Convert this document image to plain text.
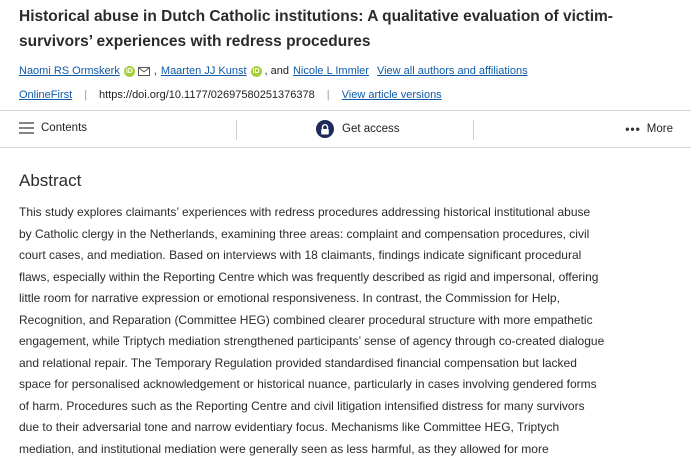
Historical abuse in Dutch Catholic institutions: A qualitative evaluation of victim-survivors’ experiences with redress procedures
Naomi RS Ormskerk iD , Maarten JJ Kunst iD , and Nicole L Immler View all authors and affiliations
OnlineFirst | https://doi.org/10.1177/02697580251376378 | View article versions
Contents	Get access	••• More
Abstract
This study explores claimants’ experiences with redress procedures addressing historical institutional abuse
by Catholic clergy in the Netherlands, examining three areas: complaint and compensation procedures, civil
court cases, and mediation. Based on interviews with 18 claimants, findings indicate significant procedural
flaws, especially within the Reporting Centre which was frequently described as rigid and impersonal, offering
little room for narrative expression or emotional responsiveness. In contrast, the Commission for Help,
Recognition, and Reparation (Committee HEG) combined clearer procedural structure with more empathetic
engagement, while Triptych mediation strengthened participants’ sense of agency through co-created dialogue
and relational repair. The Temporary Regulation provided standardised financial compensation but lacked
space for personalised acknowledgement or historical nuance, particularly in cases involving gendered forms
of harm. Procedures such as the Reporting Centre and civil litigation intensified distress for many survivors
due to their adversarial tone and narrow evidentiary focus. Mechanisms like Committee HEG, Triptych
mediation, and institutional mediation were generally seen as less harmful, as they allowed for more
